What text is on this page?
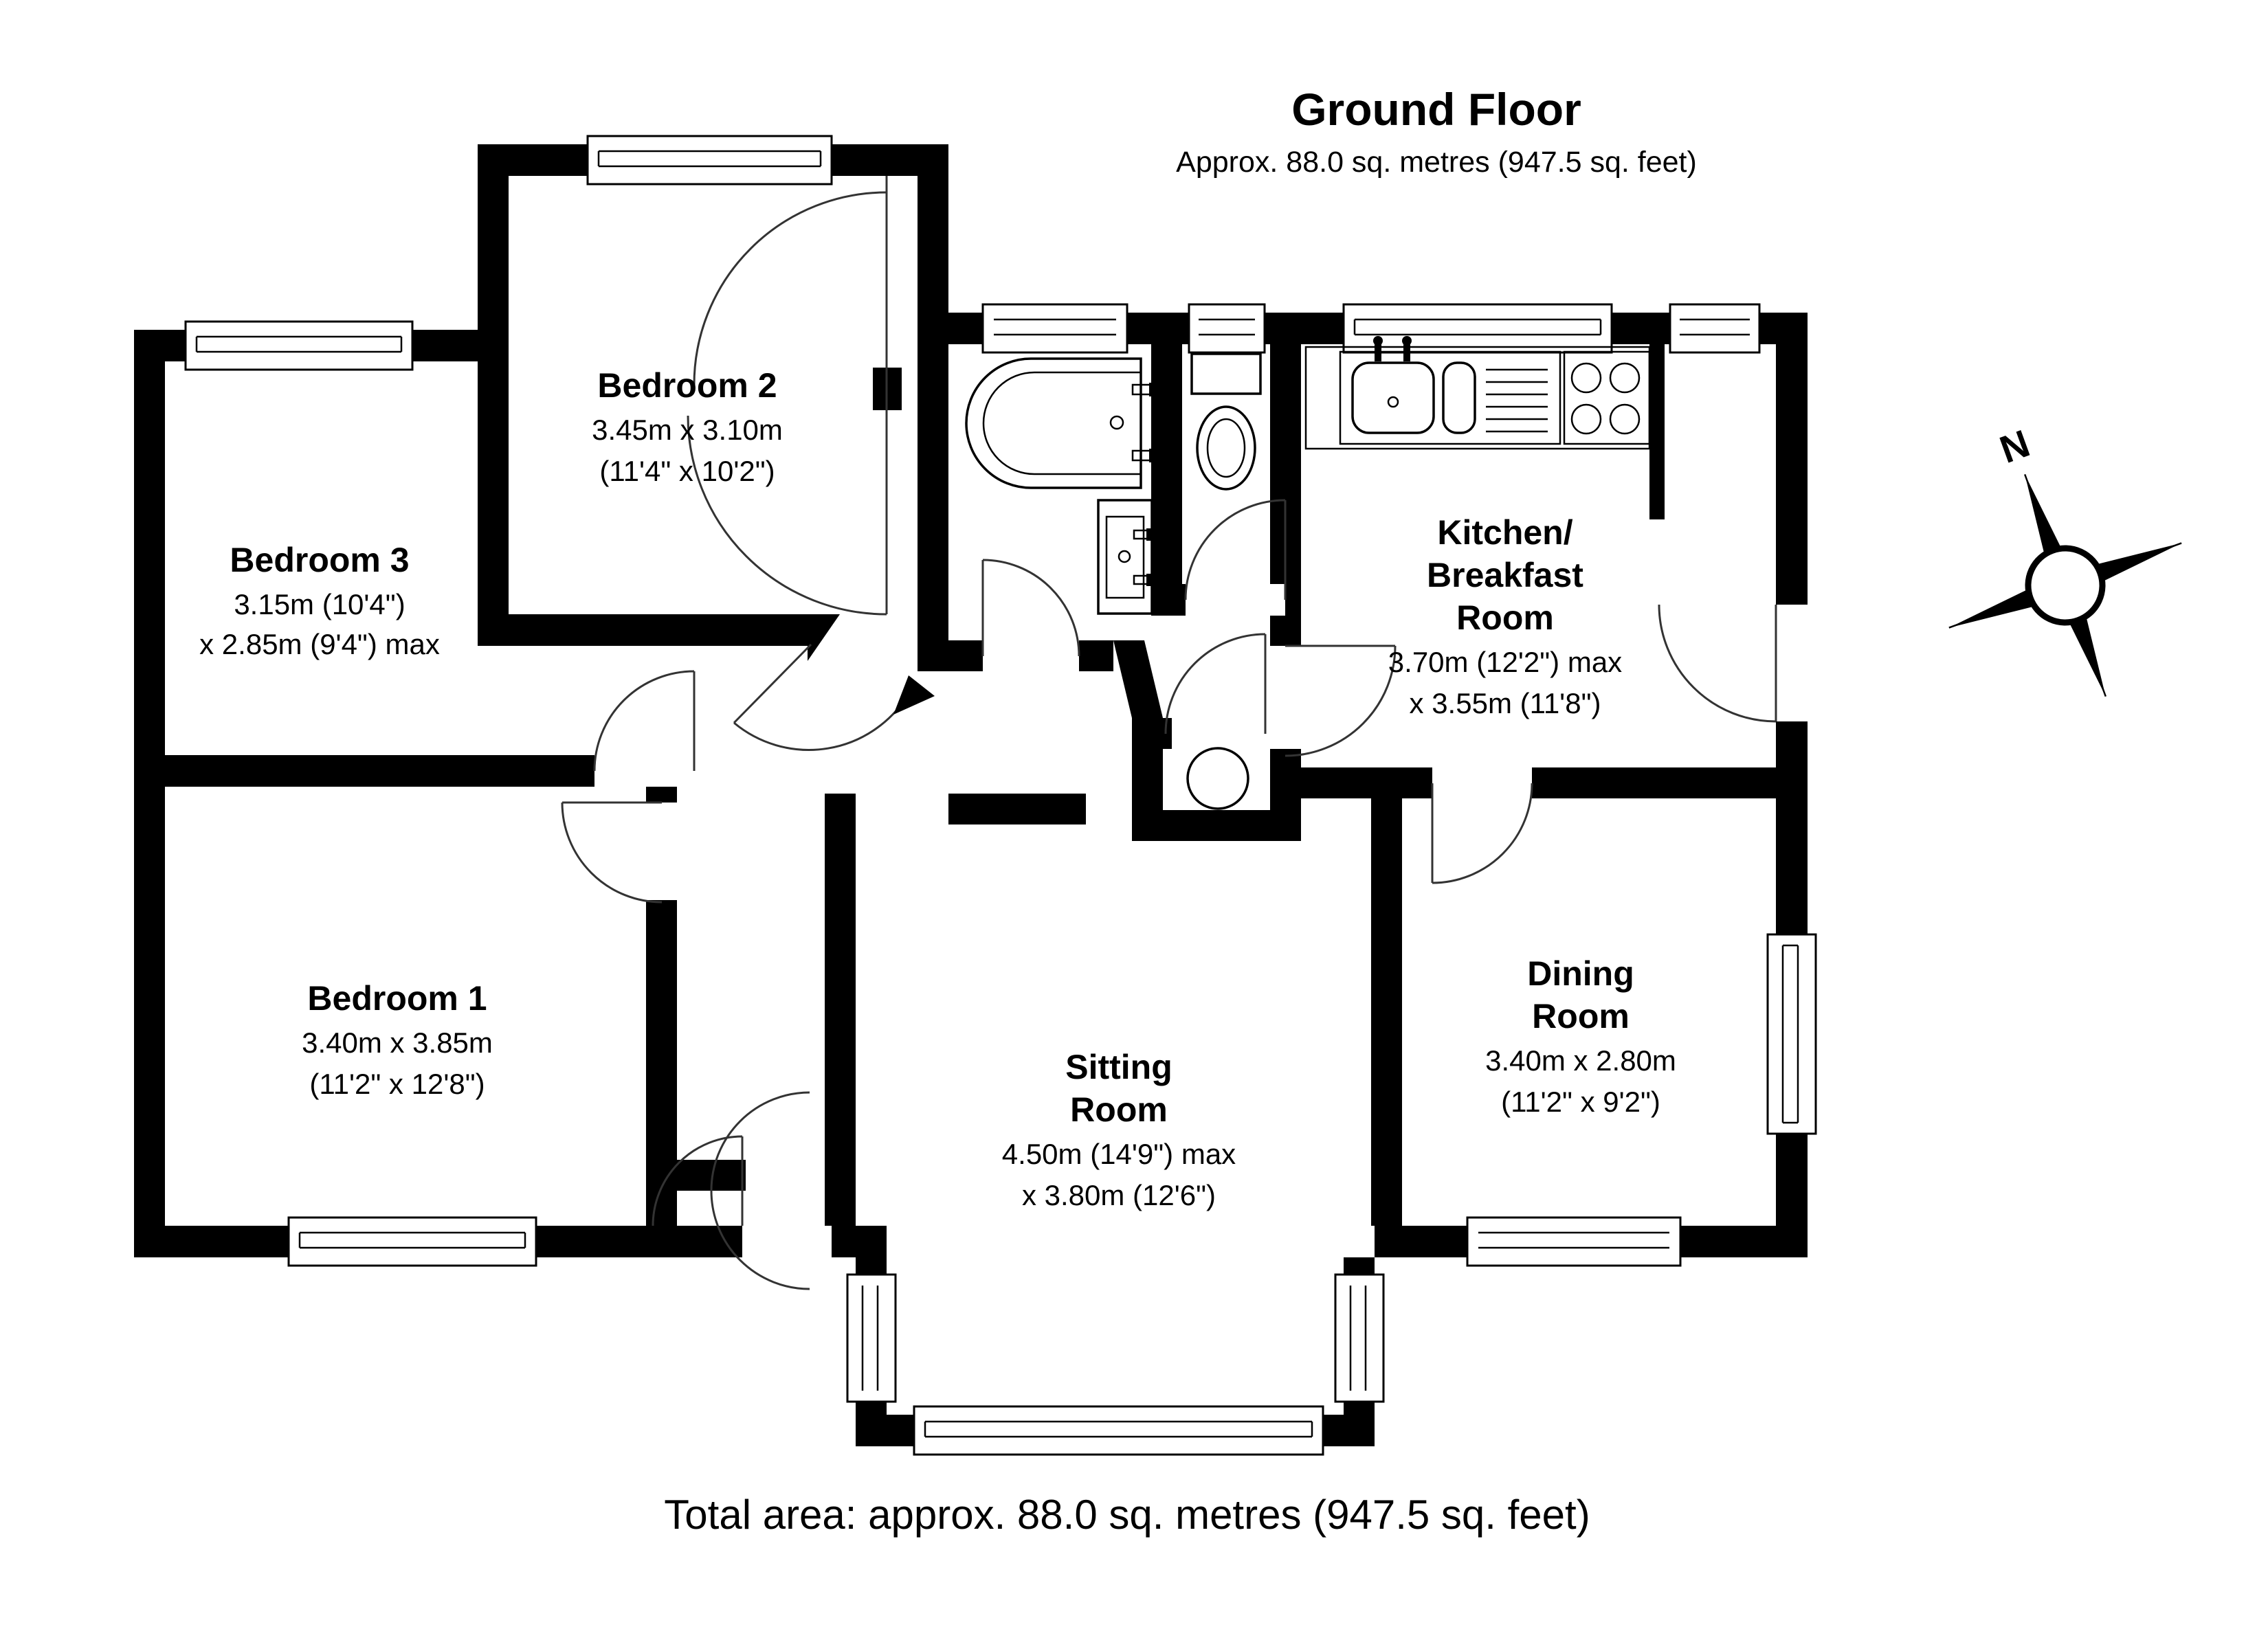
N
Ground Floor
Approx. 88.0 sq. metres (947.5 sq. feet)
Bedroom 2
3.45m x 3.10m
(11'4" x 10'2")
Bedroom 3
3.15m (10'4")
x 2.85m (9'4") max
Bedroom 1
3.40m x 3.85m
(11'2" x 12'8")
Kitchen/
Breakfast
Room
3.70m (12'2") max
x 3.55m (11'8")
Dining
Room
3.40m x 2.80m
(11'2" x 9'2")
Sitting
Room
4.50m (14'9") max
x 3.80m (12'6")
Total area: approx. 88.0 sq. metres (947.5 sq. feet)
